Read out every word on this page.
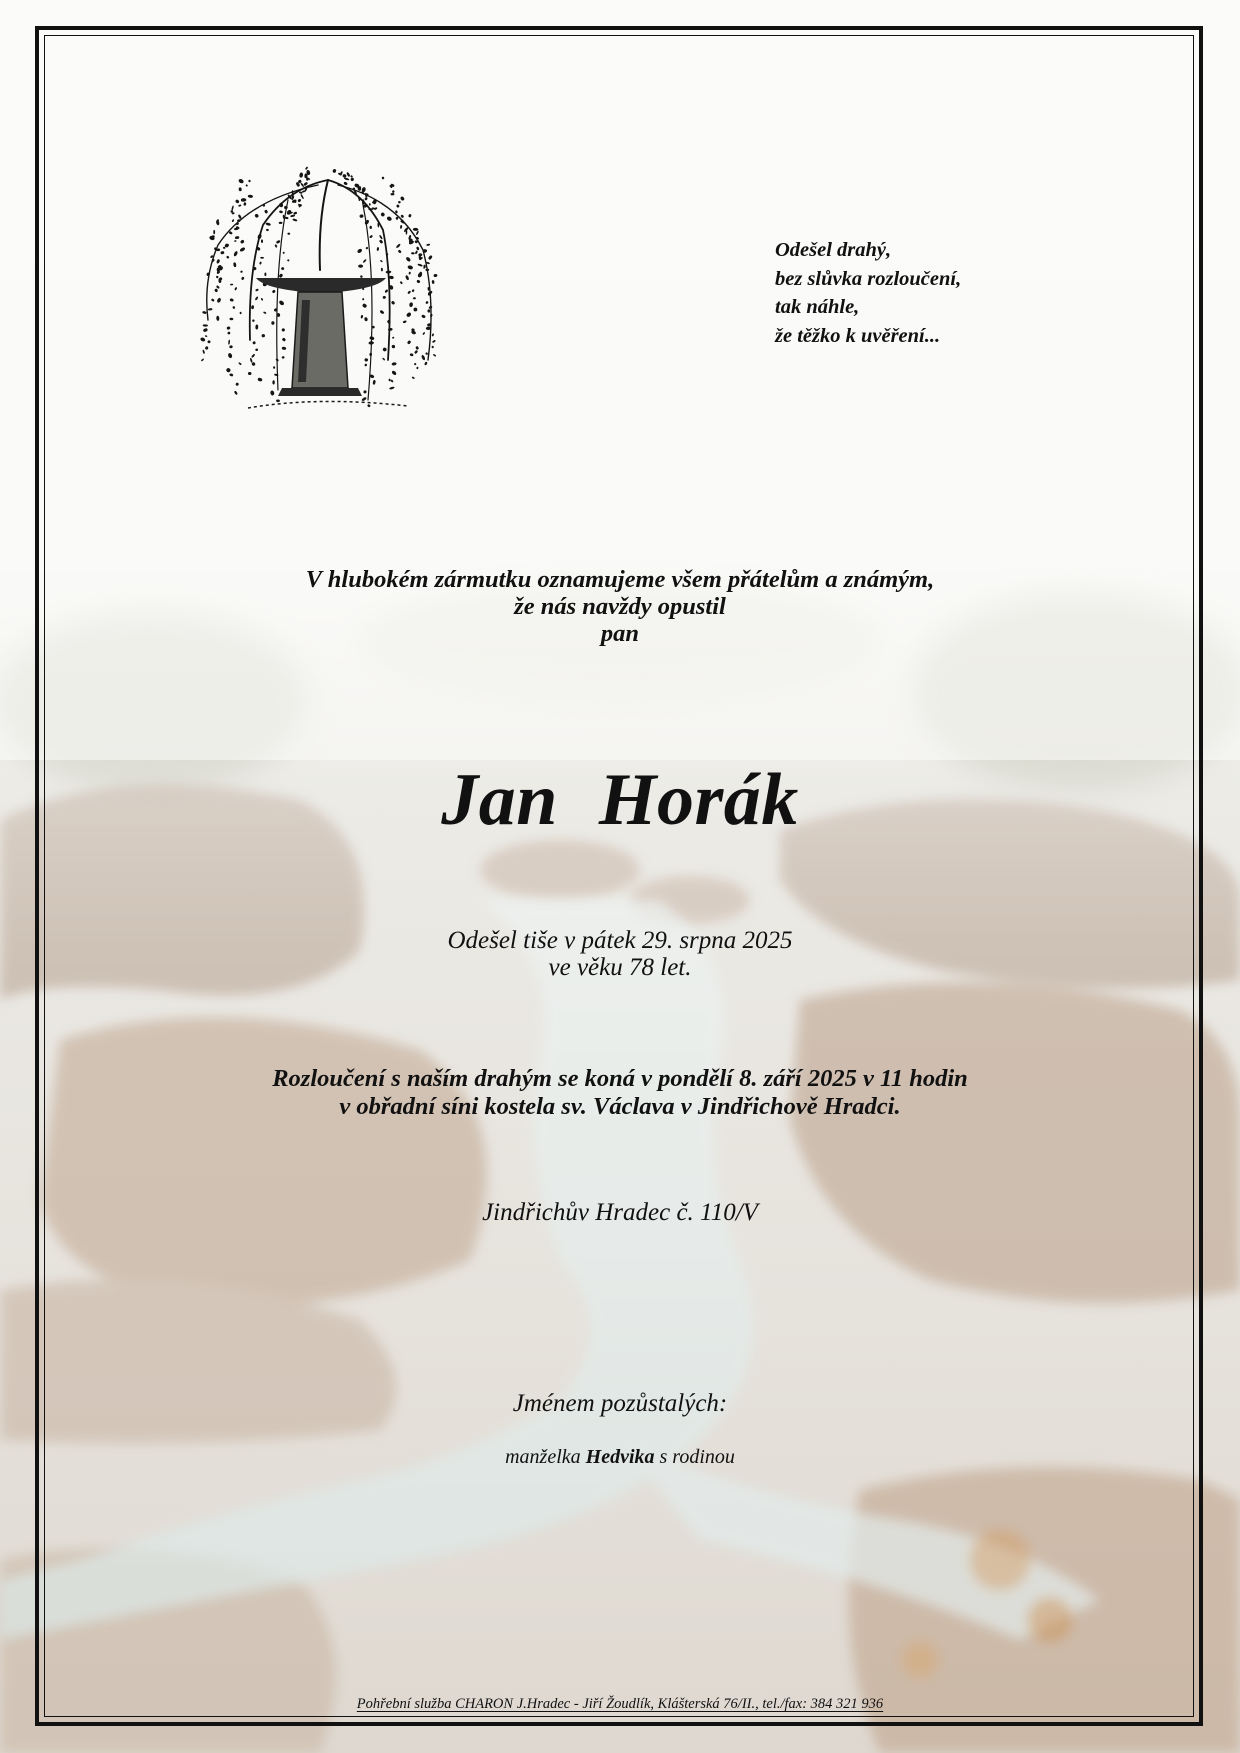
Odešel drahý,
bez slůvka rozloučení,
tak náhle,
že těžko k uvěření...
V hlubokém zármutku oznamujeme všem přátelům a známým,
že nás navždy opustil
pan
Jan Horák
Odešel tiše v pátek 29. srpna 2025
ve věku 78 let.
Rozloučení s naším drahým se koná v pondělí 8. září 2025 v 11 hodin
v obřadní síni kostela sv. Václava v Jindřichově Hradci.
Jindřichův Hradec č. 110/V
Jménem pozůstalých:
manželka Hedvika s rodinou
Pohřební služba CHARON J.Hradec - Jiří Žoudlík, Klášterská 76/II., tel./fax: 384 321 936
